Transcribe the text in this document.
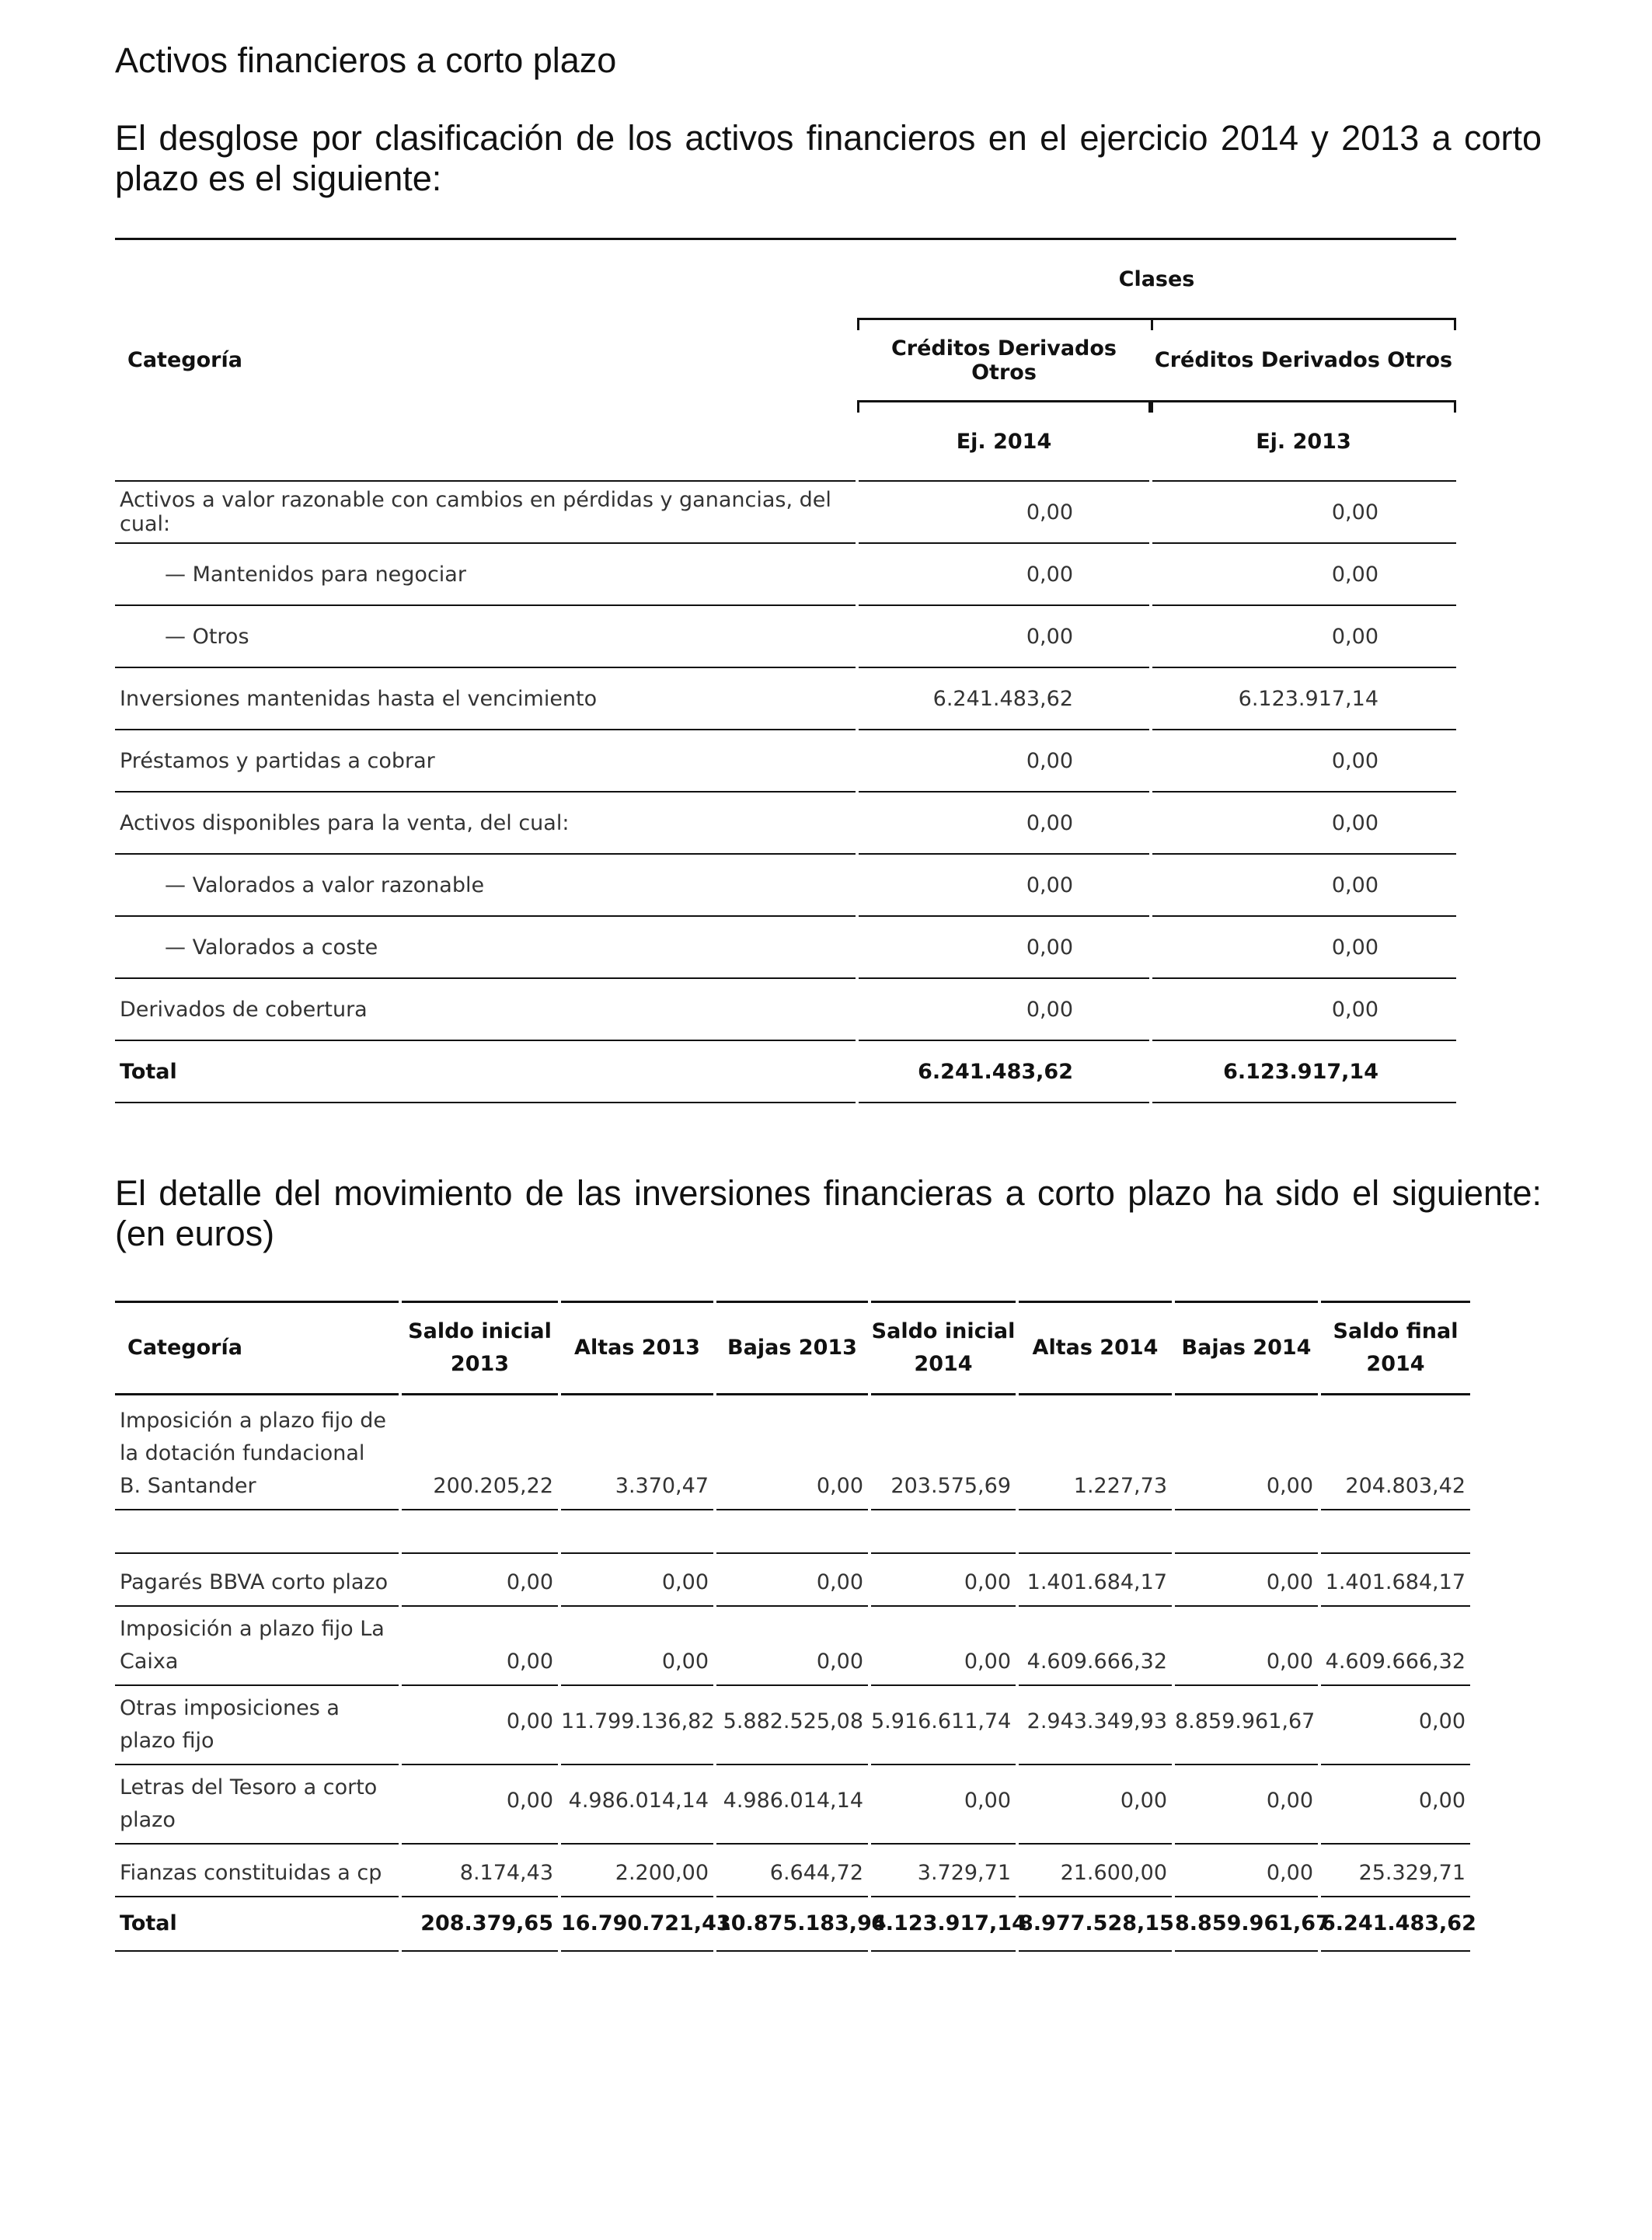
Activos financieros a corto plazo

El desglose por clasificación de los activos financieros en el ejercicio 2014 y 2013 a corto plazo es el siguiente:

	Clases	
Categoría	Créditos Derivados Otros	Créditos Derivados Otros
	Ej. 2014	Ej. 2013
Activos a valor razonable con cambios en pérdidas y ganancias, del cual:	0,00	0,00
— Mantenidos para negociar	0,00	0,00
— Otros	0,00	0,00
Inversiones mantenidas hasta el vencimiento	6.241.483,62	6.123.917,14
Préstamos y partidas a cobrar	0,00	0,00
Activos disponibles para la venta, del cual:	0,00	0,00
— Valorados a valor razonable	0,00	0,00
— Valorados a coste	0,00	0,00
Derivados de cobertura	0,00	0,00
Total	6.241.483,62	6.123.917,14

El detalle del movimiento de las inversiones financieras a corto plazo ha sido el siguiente: (en euros)

Categoría	Saldo inicial 2013	Altas 2013	Bajas 2013	Saldo inicial 2014	Altas 2014	Bajas 2014	Saldo final 2014
Imposición a plazo fijo de la dotación fundacional B. Santander	200.205,22	3.370,47	0,00	203.575,69	1.227,73	0,00	204.803,42

Pagarés BBVA corto plazo	0,00	0,00	0,00	0,00	1.401.684,17	0,00	1.401.684,17
Imposición a plazo fijo La Caixa	0,00	0,00	0,00	0,00	4.609.666,32	0,00	4.609.666,32
Otras imposiciones a plazo fijo	0,00	11.799.136,82	5.882.525,08	5.916.611,74	2.943.349,93	8.859.961,67	0,00
Letras del Tesoro a corto plazo	0,00	4.986.014,14	4.986.014,14	0,00	0,00	0,00	0,00
Fianzas constituidas a cp	8.174,43	2.200,00	6.644,72	3.729,71	21.600,00	0,00	25.329,71
Total	208.379,65	16.790.721,43	10.875.183,94	6.123.917,14	8.977.528,15	8.859.961,67	6.241.483,62
